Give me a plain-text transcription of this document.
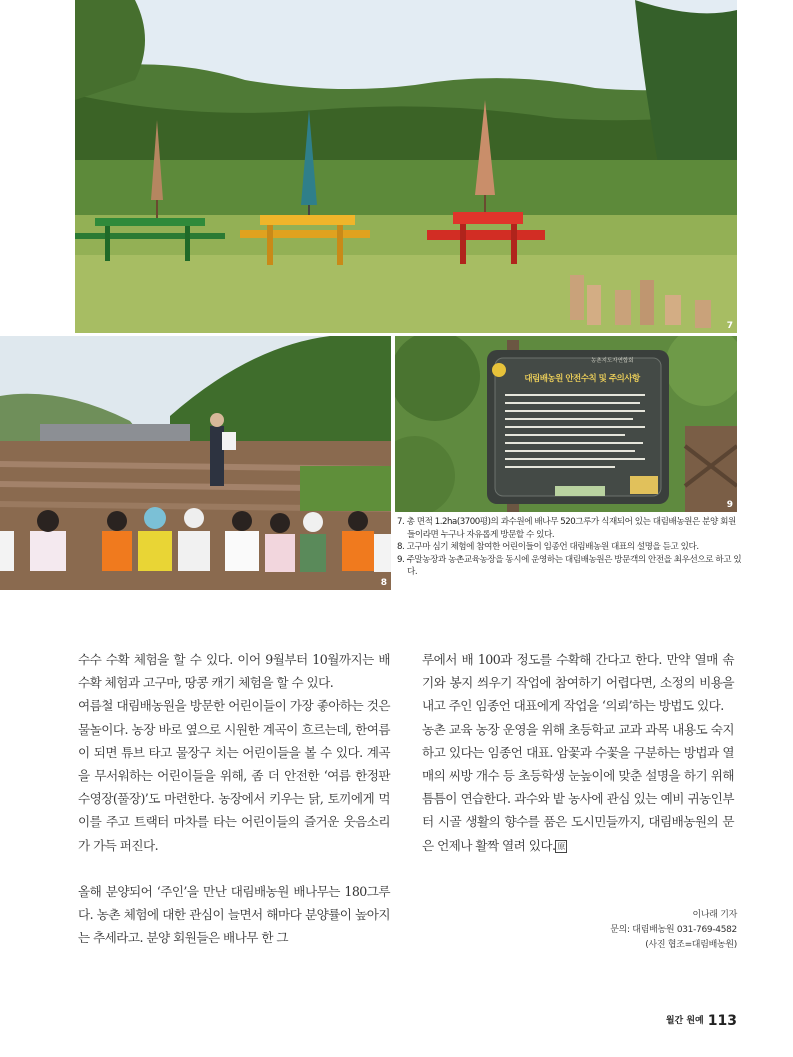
7
8
농촌지도자연합회
대림배농원 안전수칙 및 주의사항
9

7. 총 면적 1.2ha(3700평)의 과수원에 배나무 520그루가 식재되어 있는 대림배농원은 분양 회원들이라면 누구나 자유롭게 방문할 수 있다.

8. 고구마 심기 체험에 참여한 어린이들이 임종언 대림배농원 대표의 설명을 듣고 있다.

9. 주말농장과 농촌교육농장을 동시에 운영하는 대림배농원은 방문객의 안전을 최우선으로 하고 있다.

수수 수확 체험을 할 수 있다. 이어 9월부터 10월까지는 배 수확 체험과 고구마, 땅콩 캐기 체험을 할 수 있다.

여름철 대림배농원을 방문한 어린이들이 가장 좋아하는 것은 물놀이다. 농장 바로 옆으로 시원한 계곡이 흐르는데, 한여름이 되면 튜브 타고 물장구 치는 어린이들을 볼 수 있다. 계곡을 무서워하는 어린이들을 위해, 좀 더 안전한 ‘여름 한정판 수영장(풀장)’도 마련한다. 농장에서 키우는 닭, 토끼에게 먹이를 주고 트랙터 마차를 타는 어린이들의 즐거운 웃음소리가 가득 퍼진다.

올해 분양되어 ‘주인’을 만난 대림배농원 배나무는 180그루다. 농촌 체험에 대한 관심이 늘면서 해마다 분양률이 높아지는 추세라고. 분양 회원들은 배나무 한 그

루에서 배 100과 정도를 수확해 간다고 한다. 만약 열매 솎기와 봉지 씌우기 작업에 참여하기 어렵다면, 소정의 비용을 내고 주인 임종언 대표에게 작업을 ‘의뢰’하는 방법도 있다.

농촌 교육 농장 운영을 위해 초등학교 교과 과목 내용도 숙지하고 있다는 임종언 대표. 암꽃과 수꽃을 구분하는 방법과 열매의 씨방 개수 등 초등학생 눈높이에 맞춘 설명을 하기 위해 틈틈이 연습한다. 과수와 밭 농사에 관심 있는 예비 귀농인부터 시골 생활의 향수를 품은 도시민들까지, 대림배농원의 문은 언제나 활짝 열려 있다. 原

이나래 기자
문의: 대림배농원 031-769-4582
(사진 협조=대림배농원)
월간 원예 113
